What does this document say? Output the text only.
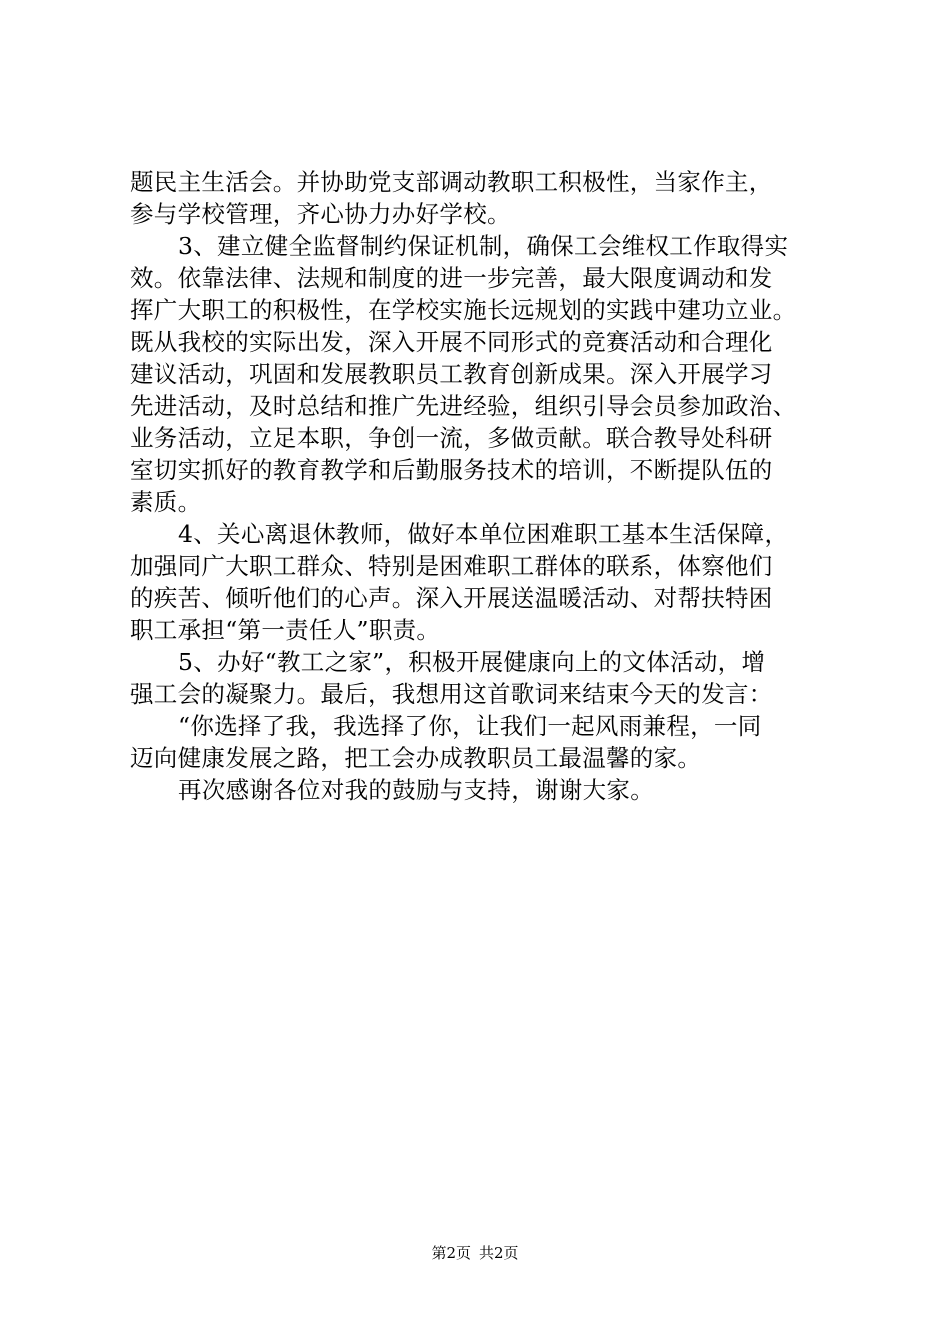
题民主生活会。并协助党支部调动教职工积极性，当家作主，
参与学校管理，齐心协力办好学校。
3、建立健全监督制约保证机制，确保工会维权工作取得实
效。依靠法律、法规和制度的进一步完善，最大限度调动和发
挥广大职工的积极性，在学校实施长远规划的实践中建功立业。
既从我校的实际出发，深入开展不同形式的竞赛活动和合理化
建议活动，巩固和发展教职员工教育创新成果。深入开展学习
先进活动，及时总结和推广先进经验，组织引导会员参加政治、
业务活动，立足本职，争创一流，多做贡献。联合教导处科研
室切实抓好的教育教学和后勤服务技术的培训，不断提队伍的
素质。
4、关心离退休教师，做好本单位困难职工基本生活保障，
加强同广大职工群众、特别是困难职工群体的联系，体察他们
的疾苦、倾听他们的心声。深入开展送温暖活动、对帮扶特困
职工承担“第一责任人”职责。
5、办好“教工之家”，积极开展健康向上的文体活动，增
强工会的凝聚力。最后，我想用这首歌词来结束今天的发言：
“你选择了我，我选择了你，让我们一起风雨兼程，一同
迈向健康发展之路，把工会办成教职员工最温馨的家。
再次感谢各位对我的鼓励与支持，谢谢大家。
第2页 共2页
